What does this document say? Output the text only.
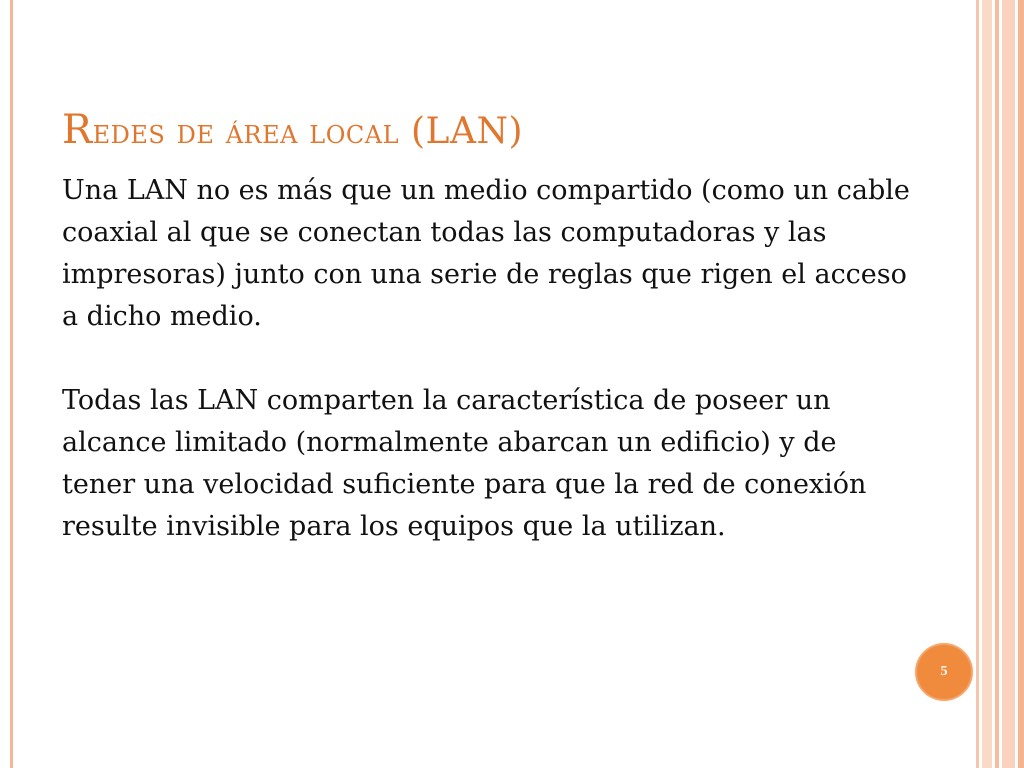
Redes de área local (LAN)

Una LAN no es más que un medio compartido (como un cable coaxial al que se conectan todas las computadoras y las impresoras) junto con una serie de reglas que rigen el acceso a dicho medio.

Todas las LAN comparten la característica de poseer un alcance limitado (normalmente abarcan un edificio) y de tener una velocidad suficiente para que la red de conexión resulte invisible para los equipos que la utilizan.

5
